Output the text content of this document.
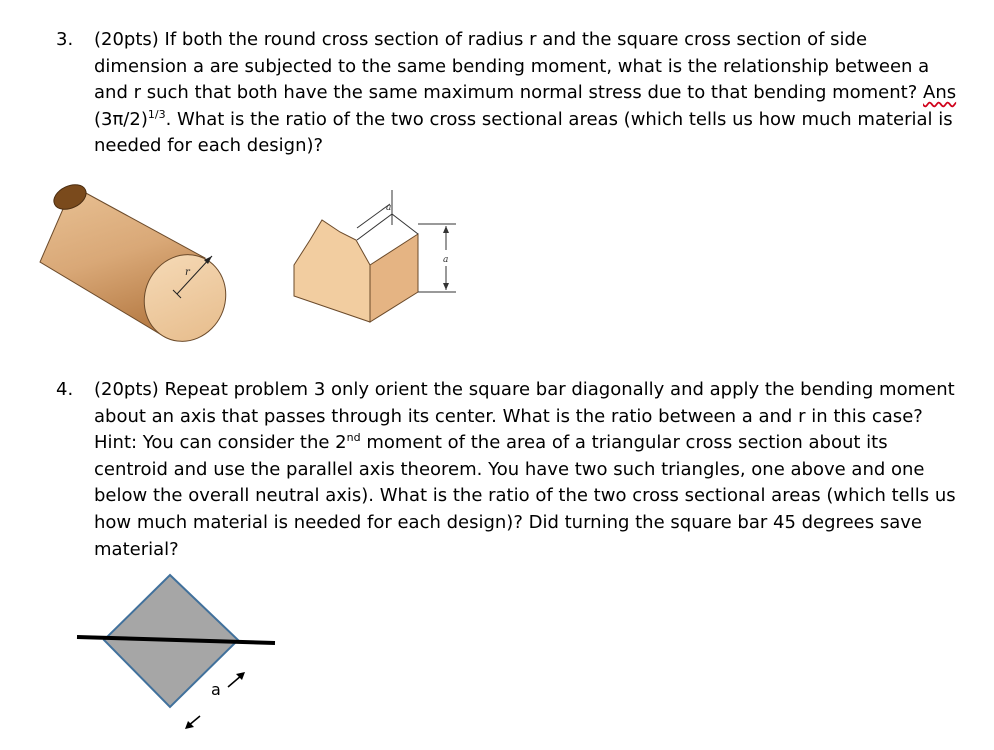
3. (20pts) If both the round cross section of radius r and the square cross section of side
dimension a are subjected to the same bending moment, what is the relationship between a
and r such that both have the same maximum normal stress due to that bending moment? Ans
$(3\pi/2)^{1/3}$. What is the ratio of the two cross sectional areas (which tells us how much material is
needed for each design)?
r
a
a
4. (20pts) Repeat problem 3 only orient the square bar diagonally and apply the bending moment
about an axis that passes through its center. What is the ratio between a and r in this case?
Hint: You can consider the 2nd moment of the area of a triangular cross section about its
centroid and use the parallel axis theorem. You have two such triangles, one above and one
below the overall neutral axis). What is the ratio of the two cross sectional areas (which tells us
how much material is needed for each design)? Did turning the square bar 45 degrees save
material?
a
